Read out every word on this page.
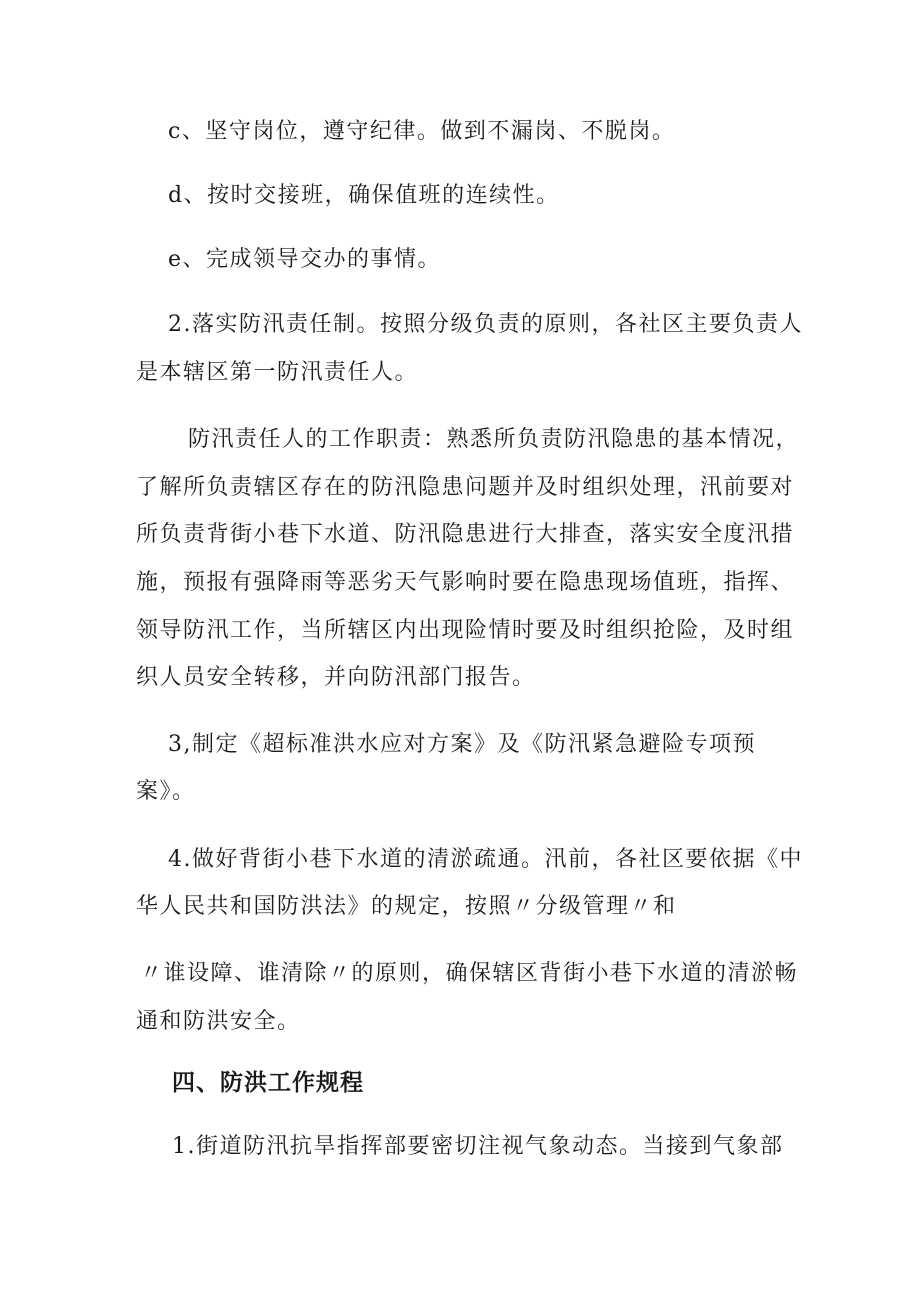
c、坚守岗位，遵守纪律。做到不漏岗、不脱岗。
d、按时交接班，确保值班的连续性。
e、完成领导交办的事情。
2.落实防汛责任制。按照分级负责的原则，各社区主要负责人
是本辖区第一防汛责任人。
防汛责任人的工作职责：熟悉所负责防汛隐患的基本情况，
了解所负责辖区存在的防汛隐患问题并及时组织处理，汛前要对
所负责背街小巷下水道、防汛隐患进行大排查，落实安全度汛措
施，预报有强降雨等恶劣天气影响时要在隐患现场值班，指挥、
领导防汛工作，当所辖区内出现险情时要及时组织抢险，及时组
织人员安全转移，并向防汛部门报告。
3,制定《超标准洪水应对方案》及《防汛紧急避险专项预
案》。
4.做好背街小巷下水道的清淤疏通。汛前，各社区要依据《中
华人民共和国防洪法》的规定，按照〃分级管理〃和
〃谁设障、谁清除〃的原则，确保辖区背街小巷下水道的清淤畅
通和防洪安全。
四、防洪工作规程
1.街道防汛抗旱指挥部要密切注视气象动态。当接到气象部
